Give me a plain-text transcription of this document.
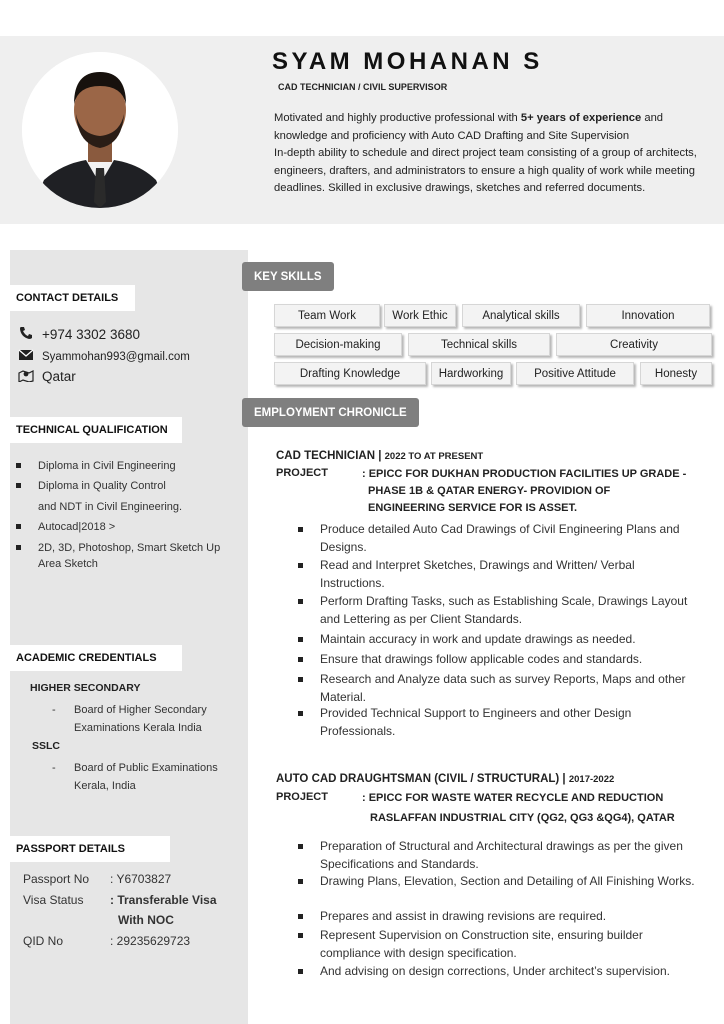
SYAM MOHANAN S
CAD TECHNICIAN / CIVIL SUPERVISOR

Motivated and highly productive professional with 5+ years of experience and knowledge and proficiency with Auto CAD Drafting and Site Supervision

In-depth ability to schedule and direct project team consisting of a group of architects, engineers, drafters, and administrators to ensure a high quality of work while meeting deadlines. Skilled in exclusive drawings, sketches and referred documents.

CONTACT DETAILS
+974 3302 3680
Syammohan993@gmail.com
Qatar
TECHNICAL QUALIFICATION
Diploma in Civil Engineering
Diploma in Quality Control
and NDT in Civil Engineering.
Autocad|2018 >
2D, 3D, Photoshop, Smart Sketch Up Area Sketch
ACADEMIC CREDENTIALS
HIGHER SECONDARY
- Board of Higher Secondary Examinations Kerala India
SSLC
- Board of Public Examinations Kerala, India
PASSPORT DETAILS
Passport No : Y6703827
Visa Status : Transferable Visa
With NOC
QID No	: 29235629723
KEY SKILLS
Team Work	Work Ethic	Analytical skills	Innovation
Decision-making	Technical skills	Creativity
Drafting Knowledge	Hardworking	Positive Attitude	Honesty
EMPLOYMENT CHRONICLE
CAD TECHNICIAN | 2022 TO AT PRESENT
PROJECT	: EPICC FOR DUKHAN PRODUCTION FACILITIES UP GRADE -
PHASE 1B & QATAR ENERGY- PROVIDION OF
ENGINEERING SERVICE FOR IS ASSET.
Produce detailed Auto Cad Drawings of Civil Engineering Plans and Designs.
Read and Interpret Sketches, Drawings and Written/ Verbal Instructions.
Perform Drafting Tasks, such as Establishing Scale, Drawings Layout and Lettering as per Client Standards.
Maintain accuracy in work and update drawings as needed.
Ensure that drawings follow applicable codes and standards.
Research and Analyze data such as survey Reports, Maps and other Material.
Provided Technical Support to Engineers and other Design Professionals.
AUTO CAD DRAUGHTSMAN (CIVIL / STRUCTURAL) | 2017-2022
PROJECT	: EPICC FOR WASTE WATER RECYCLE AND REDUCTION
RASLAFFAN INDUSTRIAL CITY (QG2, QG3 &QG4), QATAR
Preparation of Structural and Architectural drawings as per the given Specifications and Standards.
Drawing Plans, Elevation, Section and Detailing of All Finishing Works.
Prepares and assist in drawing revisions are required.
Represent Supervision on Construction site, ensuring builder compliance with design specification.
And advising on design corrections, Under architect’s supervision.
